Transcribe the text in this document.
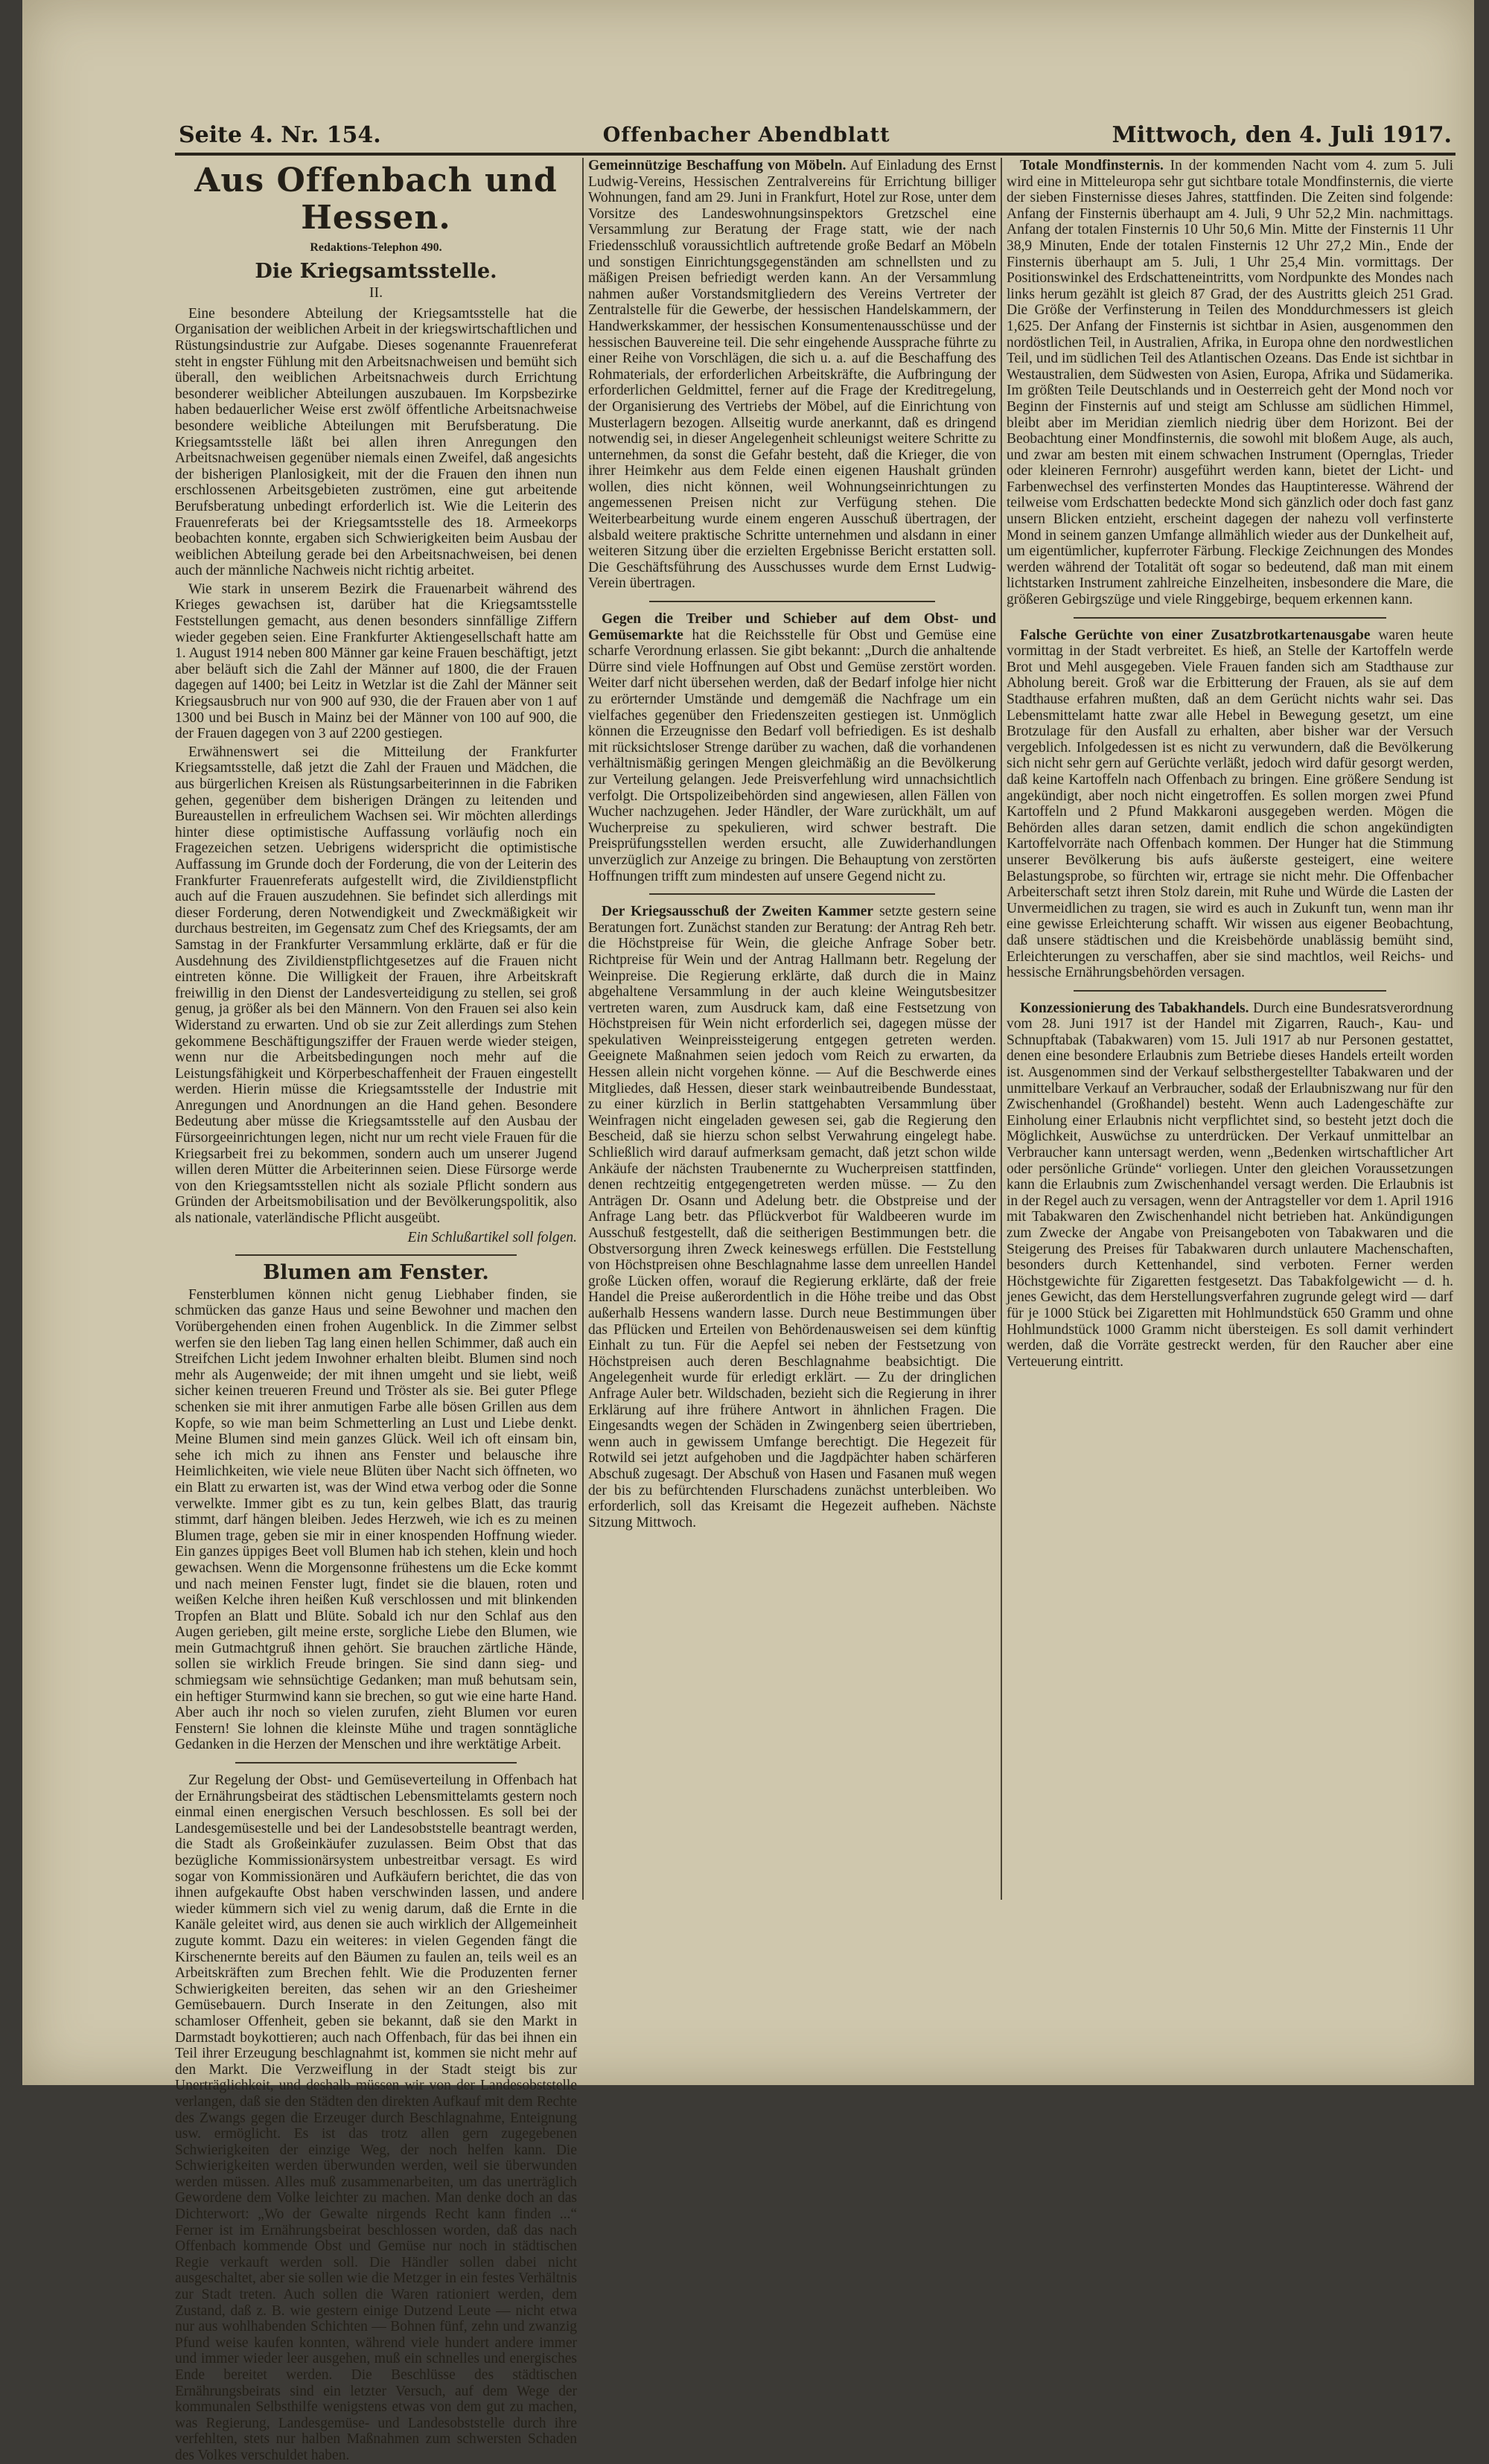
Seite 4. Nr. 154.	Offenbacher Abendblatt	Mittwoch, den 4. Juli 1917.
Aus Offenbach und Hessen.
Redaktions-Telephon 490.
Die Kriegsamtsstelle.
II.

Eine besondere Abteilung der Kriegsamtsstelle hat die Organisation der weiblichen Arbeit in der kriegswirtschaftlichen und Rüstungsindustrie zur Aufgabe. Dieses sogenannte Frauenreferat steht in engster Fühlung mit den Arbeitsnachweisen und bemüht sich überall, den weiblichen Arbeitsnachweis durch Errichtung besonderer weiblicher Abteilungen auszubauen. Im Korpsbezirke haben bedauerlicher Weise erst zwölf öffentliche Arbeitsnachweise besondere weibliche Abteilungen mit Berufsberatung. Die Kriegsamtsstelle läßt bei allen ihren Anregungen den Arbeitsnachweisen gegenüber niemals einen Zweifel, daß angesichts der bisherigen Planlosigkeit, mit der die Frauen den ihnen nun erschlossenen Arbeitsgebieten zuströmen, eine gut arbeitende Berufsberatung unbedingt erforderlich ist. Wie die Leiterin des Frauenreferats bei der Kriegsamtsstelle des 18. Armeekorps beobachten konnte, ergaben sich Schwierigkeiten beim Ausbau der weiblichen Abteilung gerade bei den Arbeitsnachweisen, bei denen auch der männliche Nachweis nicht richtig arbeitet.

Wie stark in unserem Bezirk die Frauenarbeit während des Krieges gewachsen ist, darüber hat die Kriegsamtsstelle Feststellungen gemacht, aus denen besonders sinnfällige Ziffern wieder gegeben seien. Eine Frankfurter Aktiengesellschaft hatte am 1. August 1914 neben 800 Männer gar keine Frauen beschäftigt, jetzt aber beläuft sich die Zahl der Männer auf 1800, die der Frauen dagegen auf 1400; bei Leitz in Wetzlar ist die Zahl der Männer seit Kriegsausbruch nur von 900 auf 930, die der Frauen aber von 1 auf 1300 und bei Busch in Mainz bei der Männer von 100 auf 900, die der Frauen dagegen von 3 auf 2200 gestiegen.

Erwähnenswert sei die Mitteilung der Frankfurter Kriegsamtsstelle, daß jetzt die Zahl der Frauen und Mädchen, die aus bürgerlichen Kreisen als Rüstungsarbeiterinnen in die Fabriken gehen, gegenüber dem bisherigen Drängen zu leitenden und Bureaustellen in erfreulichem Wachsen sei. Wir möchten allerdings hinter diese optimistische Auffassung vorläufig noch ein Fragezeichen setzen. Uebrigens widerspricht die optimistische Auffassung im Grunde doch der Forderung, die von der Leiterin des Frankfurter Frauenreferats aufgestellt wird, die Zivildienstpflicht auch auf die Frauen auszudehnen. Sie befindet sich allerdings mit dieser Forderung, deren Notwendigkeit und Zweckmäßigkeit wir durchaus bestreiten, im Gegensatz zum Chef des Kriegsamts, der am Samstag in der Frankfurter Versammlung erklärte, daß er für die Ausdehnung des Zivildienstpflichtgesetzes auf die Frauen nicht eintreten könne. Die Willigkeit der Frauen, ihre Arbeitskraft freiwillig in den Dienst der Landesverteidigung zu stellen, sei groß genug, ja größer als bei den Männern. Von den Frauen sei also kein Widerstand zu erwarten. Und ob sie zur Zeit allerdings zum Stehen gekommene Beschäftigungsziffer der Frauen werde wieder steigen, wenn nur die Arbeitsbedingungen noch mehr auf die Leistungsfähigkeit und Körperbeschaffenheit der Frauen eingestellt werden. Hierin müsse die Kriegsamtsstelle der Industrie mit Anregungen und Anordnungen an die Hand gehen. Besondere Bedeutung aber müsse die Kriegsamtsstelle auf den Ausbau der Fürsorgeeinrichtungen legen, nicht nur um recht viele Frauen für die Kriegsarbeit frei zu bekommen, sondern auch um unserer Jugend willen deren Mütter die Arbeiterinnen seien. Diese Fürsorge werde von den Kriegsamtsstellen nicht als soziale Pflicht sondern aus Gründen der Arbeitsmobilisation und der Bevölkerungspolitik, also als nationale, vaterländische Pflicht ausgeübt.

Ein Schlußartikel soll folgen.
Blumen am Fenster.

Fensterblumen können nicht genug Liebhaber finden, sie schmücken das ganze Haus und seine Bewohner und machen den Vorübergehenden einen frohen Augenblick. In die Zimmer selbst werfen sie den lieben Tag lang einen hellen Schimmer, daß auch ein Streifchen Licht jedem Inwohner erhalten bleibt. Blumen sind noch mehr als Augenweide; der mit ihnen umgeht und sie liebt, weiß sicher keinen treueren Freund und Tröster als sie. Bei guter Pflege schenken sie mit ihrer anmutigen Farbe alle bösen Grillen aus dem Kopfe, so wie man beim Schmetterling an Lust und Liebe denkt. Meine Blumen sind mein ganzes Glück. Weil ich oft einsam bin, sehe ich mich zu ihnen ans Fenster und belausche ihre Heimlichkeiten, wie viele neue Blüten über Nacht sich öffneten, wo ein Blatt zu erwarten ist, was der Wind etwa verbog oder die Sonne verwelkte. Immer gibt es zu tun, kein gelbes Blatt, das traurig stimmt, darf hängen bleiben. Jedes Herzweh, wie ich es zu meinen Blumen trage, geben sie mir in einer knospenden Hoffnung wieder. Ein ganzes üppiges Beet voll Blumen hab ich stehen, klein und hoch gewachsen. Wenn die Morgensonne frühestens um die Ecke kommt und nach meinen Fenster lugt, findet sie die blauen, roten und weißen Kelche ihren heißen Kuß verschlossen und mit blinkenden Tropfen an Blatt und Blüte. Sobald ich nur den Schlaf aus den Augen gerieben, gilt meine erste, sorgliche Liebe den Blumen, wie mein Gutmachtgruß ihnen gehört. Sie brauchen zärtliche Hände, sollen sie wirklich Freude bringen. Sie sind dann sieg- und schmiegsam wie sehnsüchtige Gedanken; man muß behutsam sein, ein heftiger Sturmwind kann sie brechen, so gut wie eine harte Hand. Aber auch ihr noch so vielen zurufen, zieht Blumen vor euren Fenstern! Sie lohnen die kleinste Mühe und tragen sonntägliche Gedanken in die Herzen der Menschen und ihre werktätige Arbeit.

Zur Regelung der Obst- und Gemüseverteilung in Offenbach hat der Ernährungsbeirat des städtischen Lebensmittelamts gestern noch einmal einen energischen Versuch beschlossen. Es soll bei der Landesgemüsestelle und bei der Landesobststelle beantragt werden, die Stadt als Großeinkäufer zuzulassen. Beim Obst that das bezügliche Kommissionärsystem unbestreitbar versagt. Es wird sogar von Kommissionären und Aufkäufern berichtet, die das von ihnen aufgekaufte Obst haben verschwinden lassen, und andere wieder kümmern sich viel zu wenig darum, daß die Ernte in die Kanäle geleitet wird, aus denen sie auch wirklich der Allgemeinheit zugute kommt. Dazu ein weiteres: in vielen Gegenden fängt die Kirschenernte bereits auf den Bäumen zu faulen an, teils weil es an Arbeitskräften zum Brechen fehlt. Wie die Produzenten ferner Schwierigkeiten bereiten, das sehen wir an den Griesheimer Gemüsebauern. Durch Inserate in den Zeitungen, also mit schamloser Offenheit, geben sie bekannt, daß sie den Markt in Darmstadt boykottieren; auch nach Offenbach, für das bei ihnen ein Teil ihrer Erzeugung beschlagnahmt ist, kommen sie nicht mehr auf den Markt. Die Verzweiflung in der Stadt steigt bis zur Unerträglichkeit, und deshalb müssen wir von der Landesobststelle verlangen, daß sie den Städten den direkten Aufkauf mit dem Rechte des Zwangs gegen die Erzeuger durch Beschlagnahme, Enteignung usw. ermöglicht. Es ist das trotz allen gern zugegebenen Schwierigkeiten der einzige Weg, der noch helfen kann. Die Schwierigkeiten werden überwunden werden, weil sie überwunden werden müssen. Alles muß zusammenarbeiten, um das unerträglich Gewordene dem Volke leichter zu machen. Man denke doch an das Dichterwort: „Wo der Gewalte nirgends Recht kann finden ...“ Ferner ist im Ernährungsbeirat beschlossen worden, daß das nach Offenbach kommende Obst und Gemüse nur noch in städtischen Regie verkauft werden soll. Die Händler sollen dabei nicht ausgeschaltet, aber sie sollen wie die Metzger in ein festes Verhältnis zur Stadt treten. Auch sollen die Waren rationiert werden, dem Zustand, daß z. B. wie gestern einige Dutzend Leute — nicht etwa nur aus wohlhabenden Schichten — Bohnen fünf, zehn und zwanzig Pfund weise kaufen konnten, während viele hundert andere immer und immer wieder leer ausgehen, muß ein schnelles und energisches Ende bereitet werden. Die Beschlüsse des städtischen Ernährungsbeirats sind ein letzter Versuch, auf dem Wege der kommunalen Selbsthilfe wenigstens etwas von dem gut zu machen, was Regierung, Landesgemüse- und Landesobststelle durch ihre verfehlten, stets nur halben Maßnahmen zum schwersten Schaden des Volkes verschuldet haben.

Gemeinnützige Beschaffung von Möbeln. Auf Einladung des Ernst Ludwig-Vereins, Hessischen Zentralvereins für Errichtung billiger Wohnungen, fand am 29. Juni in Frankfurt, Hotel zur Rose, unter dem Vorsitze des Landeswohnungsinspektors Gretzschel eine Versammlung zur Beratung der Frage statt, wie der nach Friedensschluß voraussichtlich auftretende große Bedarf an Möbeln und sonstigen Einrichtungsgegenständen am schnellsten und zu mäßigen Preisen befriedigt werden kann. An der Versammlung nahmen außer Vorstandsmitgliedern des Vereins Vertreter der Zentralstelle für die Gewerbe, der hessischen Handelskammern, der Handwerkskammer, der hessischen Konsumentenausschüsse und der hessischen Bauvereine teil. Die sehr eingehende Aussprache führte zu einer Reihe von Vorschlägen, die sich u. a. auf die Beschaffung des Rohmaterials, der erforderlichen Arbeitskräfte, die Aufbringung der erforderlichen Geldmittel, ferner auf die Frage der Kreditregelung, der Organisierung des Vertriebs der Möbel, auf die Einrichtung von Musterlagern bezogen. Allseitig wurde anerkannt, daß es dringend notwendig sei, in dieser Angelegenheit schleunigst weitere Schritte zu unternehmen, da sonst die Gefahr besteht, daß die Krieger, die von ihrer Heimkehr aus dem Felde einen eigenen Haushalt gründen wollen, dies nicht können, weil Wohnungseinrichtungen zu angemessenen Preisen nicht zur Verfügung stehen. Die Weiterbearbeitung wurde einem engeren Ausschuß übertragen, der alsbald weitere praktische Schritte unternehmen und alsdann in einer weiteren Sitzung über die erzielten Ergebnisse Bericht erstatten soll. Die Geschäftsführung des Ausschusses wurde dem Ernst Ludwig-Verein übertragen.

Gegen die Treiber und Schieber auf dem Obst- und Gemüsemarkte hat die Reichsstelle für Obst und Gemüse eine scharfe Verordnung erlassen. Sie gibt bekannt: „Durch die anhaltende Dürre sind viele Hoffnungen auf Obst und Gemüse zerstört worden. Weiter darf nicht übersehen werden, daß der Bedarf infolge hier nicht zu erörternder Umstände und demgemäß die Nachfrage um ein vielfaches gegenüber den Friedenszeiten gestiegen ist. Unmöglich können die Erzeugnisse den Bedarf voll befriedigen. Es ist deshalb mit rücksichtsloser Strenge darüber zu wachen, daß die vorhandenen verhältnismäßig geringen Mengen gleichmäßig an die Bevölkerung zur Verteilung gelangen. Jede Preisverfehlung wird unnachsichtlich verfolgt. Die Ortspolizeibehörden sind angewiesen, allen Fällen von Wucher nachzugehen. Jeder Händler, der Ware zurückhält, um auf Wucherpreise zu spekulieren, wird schwer bestraft. Die Preisprüfungsstellen werden ersucht, alle Zuwiderhandlungen unverzüglich zur Anzeige zu bringen. Die Behauptung von zerstörten Hoffnungen trifft zum mindesten auf unsere Gegend nicht zu.

Der Kriegsausschuß der Zweiten Kammer setzte gestern seine Beratungen fort. Zunächst standen zur Beratung: der Antrag Reh betr. die Höchstpreise für Wein, die gleiche Anfrage Sober betr. Richtpreise für Wein und der Antrag Hallmann betr. Regelung der Weinpreise. Die Regierung erklärte, daß durch die in Mainz abgehaltene Versammlung in der auch kleine Weingutsbesitzer vertreten waren, zum Ausdruck kam, daß eine Festsetzung von Höchstpreisen für Wein nicht erforderlich sei, dagegen müsse der spekulativen Weinpreissteigerung entgegen getreten werden. Geeignete Maßnahmen seien jedoch vom Reich zu erwarten, da Hessen allein nicht vorgehen könne. — Auf die Beschwerde eines Mitgliedes, daß Hessen, dieser stark weinbautreibende Bundesstaat, zu einer kürzlich in Berlin stattgehabten Versammlung über Weinfragen nicht eingeladen gewesen sei, gab die Regierung den Bescheid, daß sie hierzu schon selbst Verwahrung eingelegt habe. Schließlich wird darauf aufmerksam gemacht, daß jetzt schon wilde Ankäufe der nächsten Traubenernte zu Wucherpreisen stattfinden, denen rechtzeitig entgegengetreten werden müsse. — Zu den Anträgen Dr. Osann und Adelung betr. die Obstpreise und der Anfrage Lang betr. das Pflückverbot für Waldbeeren wurde im Ausschuß festgestellt, daß die seitherigen Bestimmungen betr. die Obstversorgung ihren Zweck keineswegs erfüllen. Die Feststellung von Höchstpreisen ohne Beschlagnahme lasse dem unreellen Handel große Lücken offen, worauf die Regierung erklärte, daß der freie Handel die Preise außerordentlich in die Höhe treibe und das Obst außerhalb Hessens wandern lasse. Durch neue Bestimmungen über das Pflücken und Erteilen von Behördenausweisen sei dem künftig Einhalt zu tun. Für die Aepfel sei neben der Festsetzung von Höchstpreisen auch deren Beschlagnahme beabsichtigt. Die Angelegenheit wurde für erledigt erklärt. — Zu der dringlichen Anfrage Auler betr. Wildschaden, bezieht sich die Regierung in ihrer Erklärung auf ihre frühere Antwort in ähnlichen Fragen. Die Eingesandts wegen der Schäden in Zwingenberg seien übertrieben, wenn auch in gewissem Umfange berechtigt. Die Hegezeit für Rotwild sei jetzt aufgehoben und die Jagdpächter haben schärferen Abschuß zugesagt. Der Abschuß von Hasen und Fasanen muß wegen der bis zu befürchtenden Flurschadens zunächst unterbleiben. Wo erforderlich, soll das Kreisamt die Hegezeit aufheben. Nächste Sitzung Mittwoch.

Totale Mondfinsternis. In der kommenden Nacht vom 4. zum 5. Juli wird eine in Mitteleuropa sehr gut sichtbare totale Mondfinsternis, die vierte der sieben Finsternisse dieses Jahres, stattfinden. Die Zeiten sind folgende: Anfang der Finsternis überhaupt am 4. Juli, 9 Uhr 52,2 Min. nachmittags. Anfang der totalen Finsternis 10 Uhr 50,6 Min. Mitte der Finsternis 11 Uhr 38,9 Minuten, Ende der totalen Finsternis 12 Uhr 27,2 Min., Ende der Finsternis überhaupt am 5. Juli, 1 Uhr 25,4 Min. vormittags. Der Positionswinkel des Erdschatteneintritts, vom Nordpunkte des Mondes nach links herum gezählt ist gleich 87 Grad, der des Austritts gleich 251 Grad. Die Größe der Verfinsterung in Teilen des Monddurchmessers ist gleich 1,625. Der Anfang der Finsternis ist sichtbar in Asien, ausgenommen den nordöstlichen Teil, in Australien, Afrika, in Europa ohne den nordwestlichen Teil, und im südlichen Teil des Atlantischen Ozeans. Das Ende ist sichtbar in Westaustralien, dem Südwesten von Asien, Europa, Afrika und Südamerika. Im größten Teile Deutschlands und in Oesterreich geht der Mond noch vor Beginn der Finsternis auf und steigt am Schlusse am südlichen Himmel, bleibt aber im Meridian ziemlich niedrig über dem Horizont. Bei der Beobachtung einer Mondfinsternis, die sowohl mit bloßem Auge, als auch, und zwar am besten mit einem schwachen Instrument (Opernglas, Trieder oder kleineren Fernrohr) ausgeführt werden kann, bietet der Licht- und Farbenwechsel des verfinsterten Mondes das Hauptinteresse. Während der teilweise vom Erdschatten bedeckte Mond sich gänzlich oder doch fast ganz unsern Blicken entzieht, erscheint dagegen der nahezu voll verfinsterte Mond in seinem ganzen Umfange allmählich wieder aus der Dunkelheit auf, um eigentümlicher, kupferroter Färbung. Fleckige Zeichnungen des Mondes werden während der Totalität oft sogar so bedeutend, daß man mit einem lichtstarken Instrument zahlreiche Einzelheiten, insbesondere die Mare, die größeren Gebirgszüge und viele Ringgebirge, bequem erkennen kann.

Falsche Gerüchte von einer Zusatzbrotkartenausgabe waren heute vormittag in der Stadt verbreitet. Es hieß, an Stelle der Kartoffeln werde Brot und Mehl ausgegeben. Viele Frauen fanden sich am Stadthause zur Abholung bereit. Groß war die Erbitterung der Frauen, als sie auf dem Stadthause erfahren mußten, daß an dem Gerücht nichts wahr sei. Das Lebensmittelamt hatte zwar alle Hebel in Bewegung gesetzt, um eine Brotzulage für den Ausfall zu erhalten, aber bisher war der Versuch vergeblich. Infolgedessen ist es nicht zu verwundern, daß die Bevölkerung sich nicht sehr gern auf Gerüchte verläßt, jedoch wird dafür gesorgt werden, daß keine Kartoffeln nach Offenbach zu bringen. Eine größere Sendung ist angekündigt, aber noch nicht eingetroffen. Es sollen morgen zwei Pfund Kartoffeln und 2 Pfund Makkaroni ausgegeben werden. Mögen die Behörden alles daran setzen, damit endlich die schon angekündigten Kartoffelvorräte nach Offenbach kommen. Der Hunger hat die Stimmung unserer Bevölkerung bis aufs äußerste gesteigert, eine weitere Belastungsprobe, so fürchten wir, ertrage sie nicht mehr. Die Offenbacher Arbeiterschaft setzt ihren Stolz darein, mit Ruhe und Würde die Lasten der Unvermeidlichen zu tragen, sie wird es auch in Zukunft tun, wenn man ihr eine gewisse Erleichterung schafft. Wir wissen aus eigener Beobachtung, daß unsere städtischen und die Kreisbehörde unablässig bemüht sind, Erleichterungen zu verschaffen, aber sie sind machtlos, weil Reichs- und hessische Ernährungsbehörden versagen.

Konzessionierung des Tabakhandels. Durch eine Bundesratsverordnung vom 28. Juni 1917 ist der Handel mit Zigarren, Rauch-, Kau- und Schnupftabak (Tabakwaren) vom 15. Juli 1917 ab nur Personen gestattet, denen eine besondere Erlaubnis zum Betriebe dieses Handels erteilt worden ist. Ausgenommen sind der Verkauf selbsthergestellter Tabakwaren und der unmittelbare Verkauf an Verbraucher, sodaß der Erlaubniszwang nur für den Zwischenhandel (Großhandel) besteht. Wenn auch Ladengeschäfte zur Einholung einer Erlaubnis nicht verpflichtet sind, so besteht jetzt doch die Möglichkeit, Auswüchse zu unterdrücken. Der Verkauf unmittelbar an Verbraucher kann untersagt werden, wenn „Bedenken wirtschaftlicher Art oder persönliche Gründe“ vorliegen. Unter den gleichen Voraussetzungen kann die Erlaubnis zum Zwischenhandel versagt werden. Die Erlaubnis ist in der Regel auch zu versagen, wenn der Antragsteller vor dem 1. April 1916 mit Tabakwaren den Zwischenhandel nicht betrieben hat. Ankündigungen zum Zwecke der Angabe von Preisangeboten von Tabakwaren und die Steigerung des Preises für Tabakwaren durch unlautere Machenschaften, besonders durch Kettenhandel, sind verboten. Ferner werden Höchstgewichte für Zigaretten festgesetzt. Das Tabakfolgewicht — d. h. jenes Gewicht, das dem Herstellungsverfahren zugrunde gelegt wird — darf für je 1000 Stück bei Zigaretten mit Hohlmundstück 650 Gramm und ohne Hohlmundstück 1000 Gramm nicht übersteigen. Es soll damit verhindert werden, daß die Vorräte gestreckt werden, für den Raucher aber eine Verteuerung eintritt.
